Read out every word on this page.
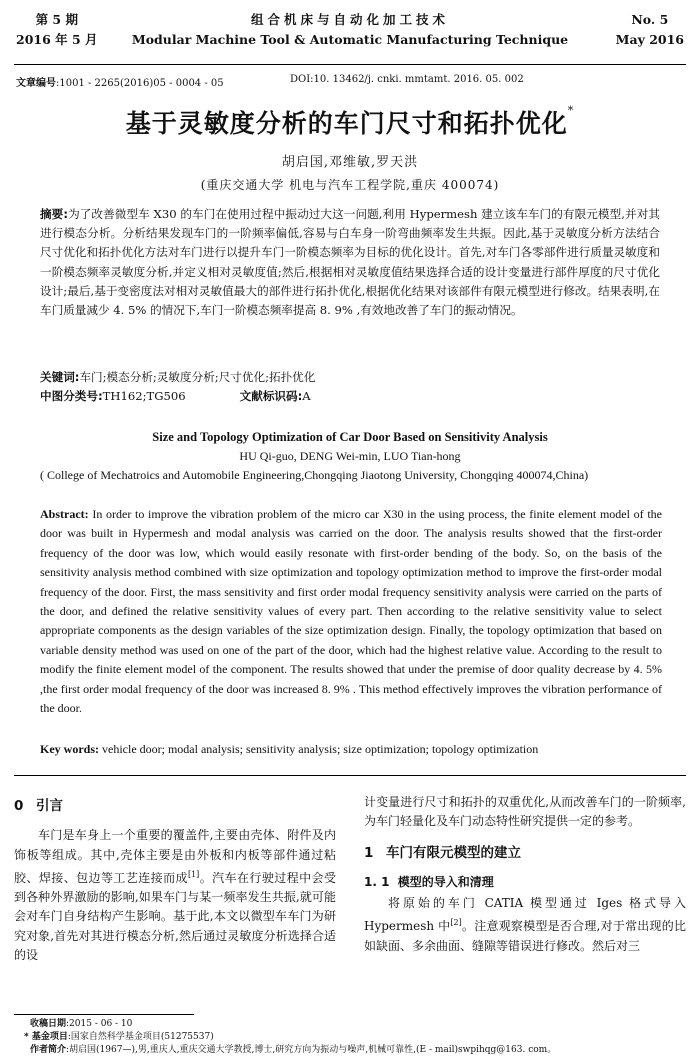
第 5 期
2016 年 5 月
组合机床与自动化加工技术
Modular Machine Tool & Automatic Manufacturing Technique
No. 5
May 2016
文章编号:1001 - 2265(2016)05 - 0004 - 05	DOI:10. 13462/j. cnki. mmtamt. 2016. 05. 002
基于灵敏度分析的车门尺寸和拓扑优化*
胡启国,邓维敏,罗天洪
(重庆交通大学 机电与汽车工程学院,重庆 400074)
摘要:为了改善微型车 X30 的车门在使用过程中振动过大这一问题,利用 Hypermesh 建立该车车门的有限元模型,并对其进行模态分析。分析结果发现车门的一阶频率偏低,容易与白车身一阶弯曲频率发生共振。因此,基于灵敏度分析方法结合尺寸优化和拓扑优化方法对车门进行以提升车门一阶模态频率为目标的优化设计。首先,对车门各零部件进行质量灵敏度和一阶模态频率灵敏度分析,并定义相对灵敏度值;然后,根据相对灵敏度值结果选择合适的设计变量进行部件厚度的尺寸优化设计;最后,基于变密度法对相对灵敏值最大的部件进行拓扑优化,根据优化结果对该部件有限元模型进行修改。结果表明,在车门质量减少 4. 5% 的情况下,车门一阶模态频率提高 8. 9% ,有效地改善了车门的振动情况。
关键词:车门;模态分析;灵敏度分析;尺寸优化;拓扑优化
中图分类号:TH162;TG506	文献标识码:A
Size and Topology Optimization of Car Door Based on Sensitivity Analysis
HU Qi-guo, DENG Wei-min, LUO Tian-hong
( College of Mechatroics and Automobile Engineering,Chongqing Jiaotong University, Chongqing 400074,China)
Abstract: In order to improve the vibration problem of the micro car X30 in the using process, the finite element model of the door was built in Hypermesh and modal analysis was carried on the door. The analysis results showed that the first-order frequency of the door was low, which would easily resonate with first-order bending of the body. So, on the basis of the sensitivity analysis method combined with size optimization and topology optimization method to improve the first-order modal frequency of the door. First, the mass sensitivity and first order modal frequency sensitivity analysis were carried on the parts of the door, and defined the relative sensitivity values of every part. Then according to the relative sensitivity value to select appropriate components as the design variables of the size optimization design. Finally, the topology optimization that based on variable density method was used on one of the part of the door, which had the highest relative value. According to the result to modify the finite element model of the component. The results showed that under the premise of door quality decrease by 4. 5% ,the first order modal frequency of the door was increased 8. 9% . This method effectively improves the vibration performance of the door.
Key words: vehicle door; modal analysis; sensitivity analysis; size optimization; topology optimization
0 引言

车门是车身上一个重要的覆盖件,主要由壳体、附件及内饰板等组成。其中,壳体主要是由外板和内板等部件通过粘胶、焊接、包边等工艺连接而成[1]。汽车在行驶过程中会受到各种外界激励的影响,如果车门与某一频率发生共振,就可能会对车门自身结构产生影响。基于此,本文以微型车车门为研究对象,首先对其进行模态分析,然后通过灵敏度分析选择合适的设

计变量进行尺寸和拓扑的双重优化,从而改善车门的一阶频率,为车门轻量化及车门动态特性研究提供一定的参考。

1 车门有限元模型的建立
1. 1 模型的导入和清理

将原始的车门 CATIA 模型通过 Iges 格式导入 Hypermesh 中[2]。注意观察模型是否合理,对于常出现的比如缺面、多余曲面、缝隙等错误进行修改。然后对三

收稿日期:2015 - 06 - 10
* 基金项目:国家自然科学基金项目(51275537)
作者简介:胡启国(1967—),男,重庆人,重庆交通大学教授,博士,研究方向为振动与噪声,机械可靠性,(E - mail)swpihqg@163. com。
